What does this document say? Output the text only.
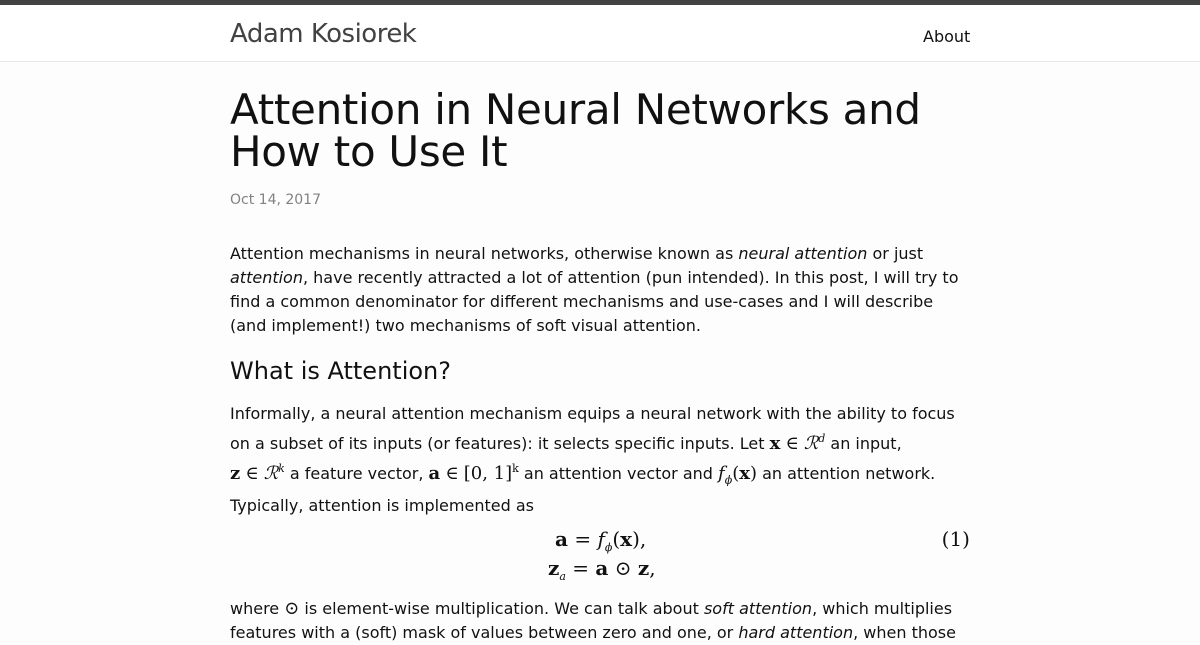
Adam Kosiorek	About
Attention in Neural Networks and How to Use It
Oct 14, 2017

Attention mechanisms in neural networks, otherwise known as neural attention or just attention, have recently attracted a lot of attention (pun intended). In this post, I will try to find a common denominator for different mechanisms and use-cases and I will describe (and implement!) two mechanisms of soft visual attention.

What is Attention?

Informally, a neural attention mechanism equips a neural network with the ability to focus on a subset of its inputs (or features): it selects specific inputs. Let x ∈ ℛ$^d$ an input,
z ∈ ℛ$^k$ a feature vector, a ∈ [0, 1]$^k$ an attention vector and $f_\phi(x)$ an attention network. Typically, attention is implemented as

$a = f_\phi(x)$,
$z_a = a$ ⊙ z,
(1)

where ⊙ is element-wise multiplication. We can talk about soft attention, which multiplies features with a (soft) mask of values between zero and one, or hard attention, when those
